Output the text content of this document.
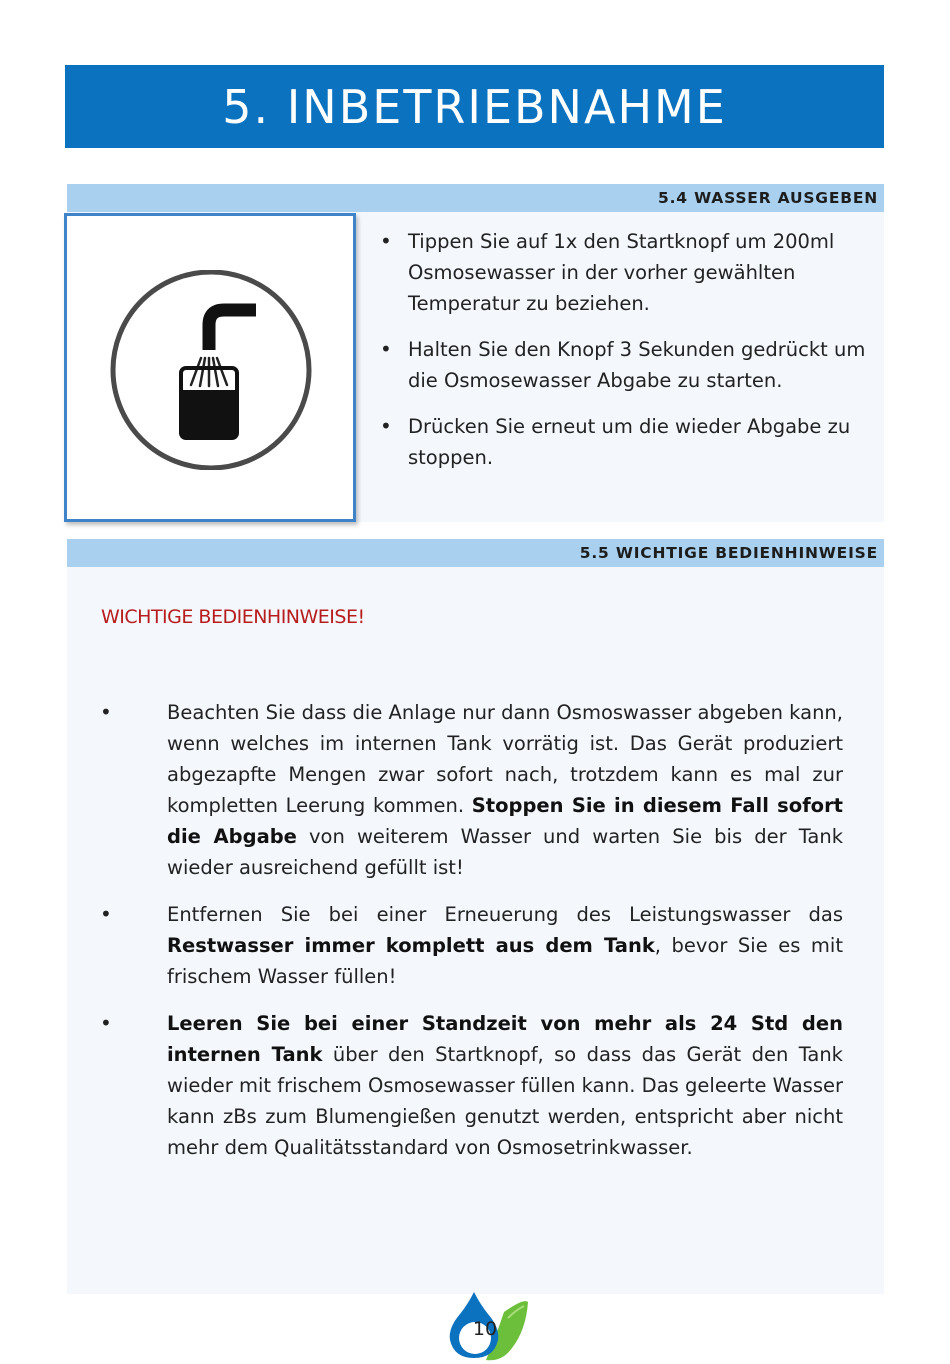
5. INBETRIEBNAHME
5.4 WASSER AUSGEBEN
• Tippen Sie auf 1x den Startknopf um 200ml Osmosewasser in der vorher gewählten Temperatur zu beziehen.
• Halten Sie den Knopf 3 Sekunden gedrückt um die Osmosewasser Abgabe zu starten.
• Drücken Sie erneut um die wieder Abgabe zu stoppen.
5.5 WICHTIGE BEDIENHINWEISE
WICHTIGE BEDIENHINWEISE!
• Beachten Sie dass die Anlage nur dann Osmoswasser abgeben kann, wenn welches im internen Tank vorrätig ist. Das Gerät produziert abgezapfte Mengen zwar sofort nach, trotzdem kann es mal zur kompletten Leerung kommen. Stoppen Sie in diesem Fall sofort die Abgabe von weiterem Wasser und warten Sie bis der Tank wieder ausreichend gefüllt ist!
• Entfernen Sie bei einer Erneuerung des Leistungswasser das Restwasser immer komplett aus dem Tank, bevor Sie es mit frischem Wasser füllen!
• Leeren Sie bei einer Standzeit von mehr als 24 Std den internen Tank über den Startknopf, so dass das Gerät den Tank wieder mit frischem Osmosewasser füllen kann. Das geleerte Wasser kann zBs zum Blumengießen genutzt werden, entspricht aber nicht mehr dem Qualitätsstandard von Osmosetrinkwasser.
10
